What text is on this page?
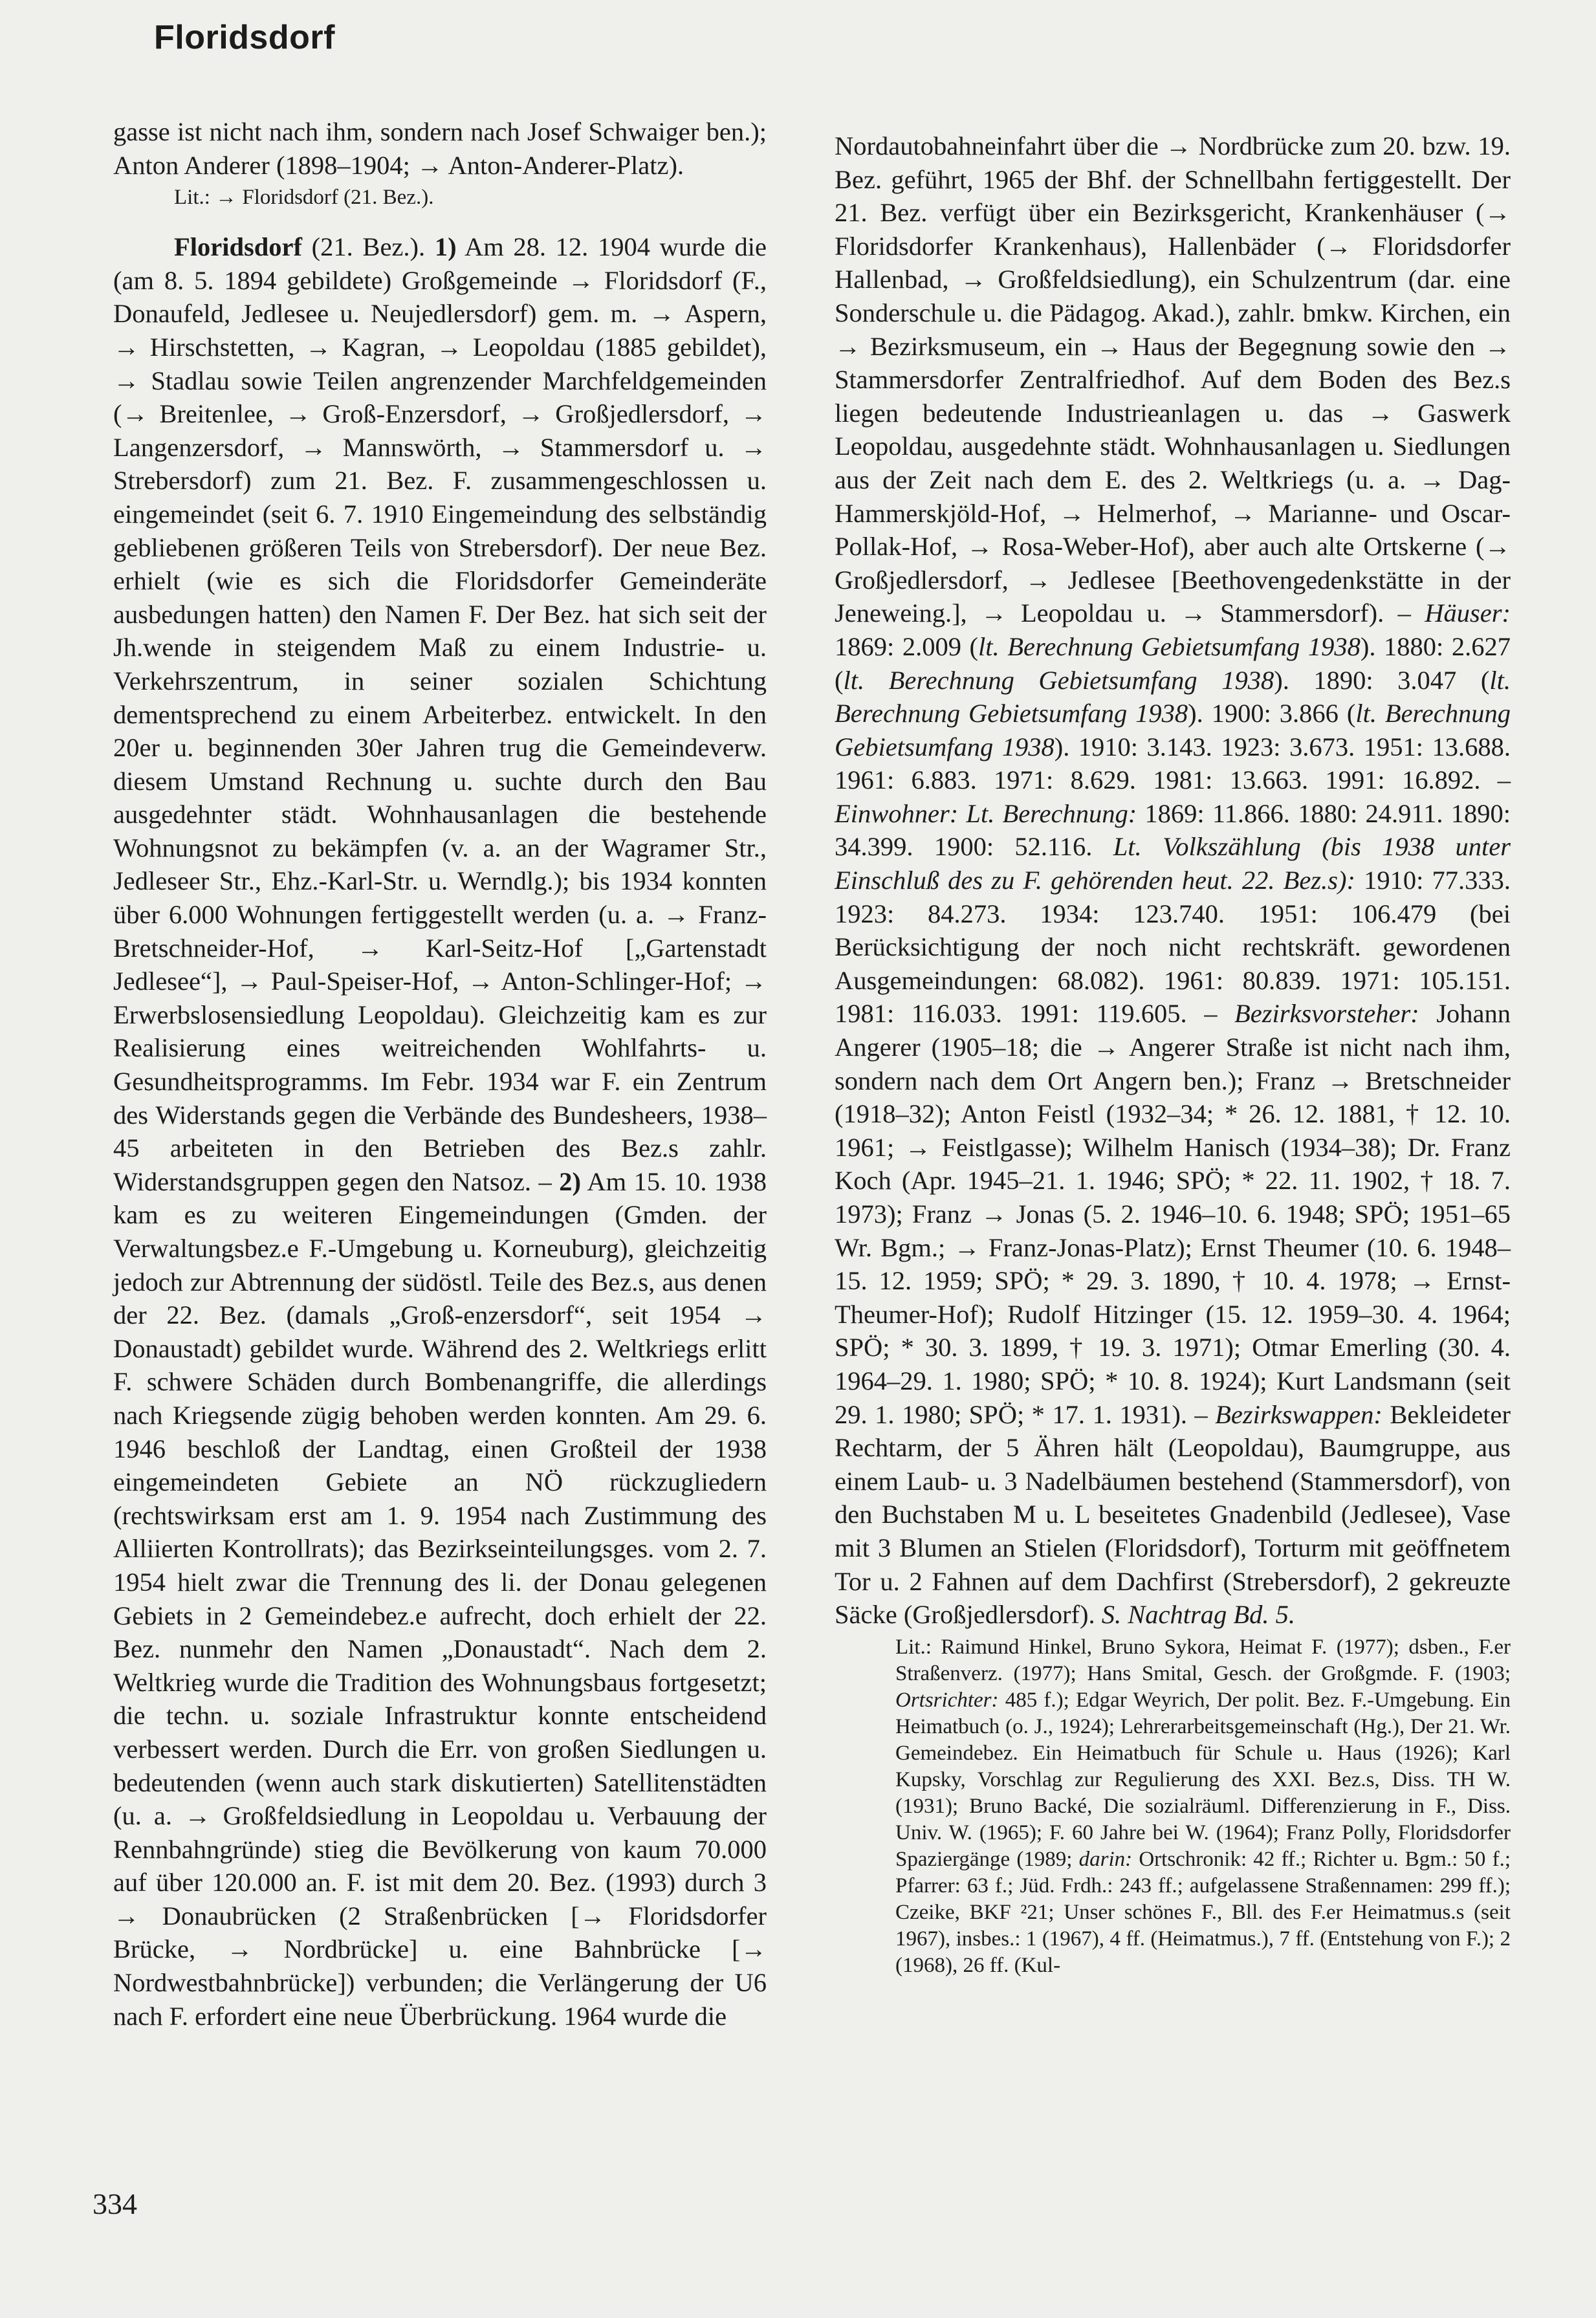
Floridsdorf

gasse ist nicht nach ihm, sondern nach Josef Schwaiger ben.); Anton Anderer (1898–1904; → Anton-Anderer-Platz).

Lit.: → Floridsdorf (21. Bez.).

Floridsdorf (21. Bez.). 1) Am 28. 12. 1904 wurde die (am 8. 5. 1894 gebildete) Großgemeinde → Floridsdorf (F., Donaufeld, Jedlesee u. Neujedlersdorf) gem. m. → Aspern, → Hirschstetten, → Kagran, → Leopoldau (1885 gebildet), → Stadlau sowie Teilen angrenzender Marchfeldgemeinden (→ Breitenlee, → Groß-Enzersdorf, → Großjedlersdorf, → Langenzersdorf, → Mannswörth, → Stammersdorf u. → Strebersdorf) zum 21. Bez. F. zusammengeschlossen u. eingemeindet (seit 6. 7. 1910 Eingemeindung des selbständig gebliebenen größeren Teils von Strebersdorf). Der neue Bez. erhielt (wie es sich die Floridsdorfer Gemeinderäte ausbedungen hatten) den Namen F. Der Bez. hat sich seit der Jh.wende in steigendem Maß zu einem Industrie- u. Verkehrszentrum, in seiner sozialen Schichtung dementsprechend zu einem Arbeiterbez. entwickelt. In den 20er u. beginnenden 30er Jahren trug die Gemeindeverw. diesem Umstand Rechnung u. suchte durch den Bau ausgedehnter städt. Wohnhausanlagen die bestehende Wohnungsnot zu bekämpfen (v. a. an der Wagramer Str., Jedleseer Str., Ehz.-Karl-Str. u. Werndlg.); bis 1934 konnten über 6.000 Wohnungen fertiggestellt werden (u. a. → Franz-Bretschneider-Hof, → Karl-Seitz-Hof [„Gartenstadt Jedlesee“], → Paul-Speiser-Hof, → Anton-Schlinger-Hof; → Erwerbslosensiedlung Leopoldau). Gleichzeitig kam es zur Realisierung eines weitreichenden Wohlfahrts- u. Gesundheitsprogramms. Im Febr. 1934 war F. ein Zentrum des Widerstands gegen die Verbände des Bundesheers, 1938–45 arbeiteten in den Betrieben des Bez.s zahlr. Widerstandsgruppen gegen den Natsoz. – 2) Am 15. 10. 1938 kam es zu weiteren Eingemeindungen (Gmden. der Verwaltungsbez.e F.-Umgebung u. Korneuburg), gleichzeitig jedoch zur Abtrennung der südöstl. Teile des Bez.s, aus denen der 22. Bez. (damals „Groß-enzersdorf“, seit 1954 → Donaustadt) gebildet wurde. Während des 2. Weltkriegs erlitt F. schwere Schäden durch Bombenangriffe, die allerdings nach Kriegsende zügig behoben werden konnten. Am 29. 6. 1946 beschloß der Landtag, einen Großteil der 1938 eingemeindeten Gebiete an NÖ rückzugliedern (rechtswirksam erst am 1. 9. 1954 nach Zustimmung des Alliierten Kontrollrats); das Bezirkseinteilungsges. vom 2. 7. 1954 hielt zwar die Trennung des li. der Donau gelegenen Gebiets in 2 Gemeindebez.e aufrecht, doch erhielt der 22. Bez. nunmehr den Namen „Donaustadt“. Nach dem 2. Weltkrieg wurde die Tradition des Wohnungsbaus fortgesetzt; die techn. u. soziale Infrastruktur konnte entscheidend verbessert werden. Durch die Err. von großen Siedlungen u. bedeutenden (wenn auch stark diskutierten) Satellitenstädten (u. a. → Großfeldsiedlung in Leopoldau u. Verbauung der Rennbahngründe) stieg die Bevölkerung von kaum 70.000 auf über 120.000 an. F. ist mit dem 20. Bez. (1993) durch 3 → Donaubrücken (2 Straßenbrücken [→ Floridsdorfer Brücke, → Nordbrücke] u. eine Bahnbrücke [→ Nordwestbahnbrücke]) verbunden; die Verlängerung der U6 nach F. erfordert eine neue Überbrückung. 1964 wurde die

Nordautobahneinfahrt über die → Nordbrücke zum 20. bzw. 19. Bez. geführt, 1965 der Bhf. der Schnellbahn fertiggestellt. Der 21. Bez. verfügt über ein Bezirksgericht, Krankenhäuser (→ Floridsdorfer Krankenhaus), Hallenbäder (→ Floridsdorfer Hallenbad, → Großfeldsiedlung), ein Schulzentrum (dar. eine Sonderschule u. die Pädagog. Akad.), zahlr. bmkw. Kirchen, ein → Bezirksmuseum, ein → Haus der Begegnung sowie den → Stammersdorfer Zentralfriedhof. Auf dem Boden des Bez.s liegen bedeutende Industrieanlagen u. das → Gaswerk Leopoldau, ausgedehnte städt. Wohnhausanlagen u. Siedlungen aus der Zeit nach dem E. des 2. Weltkriegs (u. a. → Dag-Hammerskjöld-Hof, → Helmerhof, → Marianne- und Oscar-Pollak-Hof, → Rosa-Weber-Hof), aber auch alte Ortskerne (→ Großjedlersdorf, → Jedlesee [Beethovengedenkstätte in der Jeneweing.], → Leopoldau u. → Stammersdorf). – Häuser: 1869: 2.009 (lt. Berechnung Gebietsumfang 1938). 1880: 2.627 (lt. Berechnung Gebietsumfang 1938). 1890: 3.047 (lt. Berechnung Gebietsumfang 1938). 1900: 3.866 (lt. Berechnung Gebietsumfang 1938). 1910: 3.143. 1923: 3.673. 1951: 13.688. 1961: 6.883. 1971: 8.629. 1981: 13.663. 1991: 16.892. – Einwohner: Lt. Berechnung: 1869: 11.866. 1880: 24.911. 1890: 34.399. 1900: 52.116. Lt. Volkszählung (bis 1938 unter Einschluß des zu F. gehörenden heut. 22. Bez.s): 1910: 77.333. 1923: 84.273. 1934: 123.740. 1951: 106.479 (bei Berücksichtigung der noch nicht rechtskräft. gewordenen Ausgemeindungen: 68.082). 1961: 80.839. 1971: 105.151. 1981: 116.033. 1991: 119.605. – Bezirksvorsteher: Johann Angerer (1905–18; die → Angerer Straße ist nicht nach ihm, sondern nach dem Ort Angern ben.); Franz → Bretschneider (1918–32); Anton Feistl (1932–34; * 26. 12. 1881, † 12. 10. 1961; → Feistlgasse); Wilhelm Hanisch (1934–38); Dr. Franz Koch (Apr. 1945–21. 1. 1946; SPÖ; * 22. 11. 1902, † 18. 7. 1973); Franz → Jonas (5. 2. 1946–10. 6. 1948; SPÖ; 1951–65 Wr. Bgm.; → Franz-Jonas-Platz); Ernst Theumer (10. 6. 1948–15. 12. 1959; SPÖ; * 29. 3. 1890, † 10. 4. 1978; → Ernst-Theumer-Hof); Rudolf Hitzinger (15. 12. 1959–30. 4. 1964; SPÖ; * 30. 3. 1899, † 19. 3. 1971); Otmar Emerling (30. 4. 1964–29. 1. 1980; SPÖ; * 10. 8. 1924); Kurt Landsmann (seit 29. 1. 1980; SPÖ; * 17. 1. 1931). – Bezirkswappen: Bekleideter Rechtarm, der 5 Ähren hält (Leopoldau), Baumgruppe, aus einem Laub- u. 3 Nadelbäumen bestehend (Stammersdorf), von den Buchstaben M u. L beseitetes Gnadenbild (Jedlesee), Vase mit 3 Blumen an Stielen (Floridsdorf), Torturm mit geöffnetem Tor u. 2 Fahnen auf dem Dachfirst (Strebersdorf), 2 gekreuzte Säcke (Großjedlersdorf). S. Nachtrag Bd. 5.

Lit.: Raimund Hinkel, Bruno Sykora, Heimat F. (1977); dsben., F.er Straßenverz. (1977); Hans Smital, Gesch. der Großgmde. F. (1903; Ortsrichter: 485 f.); Edgar Weyrich, Der polit. Bez. F.-Umgebung. Ein Heimatbuch (o. J., 1924); Lehrerarbeitsgemeinschaft (Hg.), Der 21. Wr. Gemeindebez. Ein Heimatbuch für Schule u. Haus (1926); Karl Kupsky, Vorschlag zur Regulierung des XXI. Bez.s, Diss. TH W. (1931); Bruno Backé, Die sozialräuml. Differenzierung in F., Diss. Univ. W. (1965); F. 60 Jahre bei W. (1964); Franz Polly, Floridsdorfer Spaziergänge (1989; darin: Ortschronik: 42 ff.; Richter u. Bgm.: 50 f.; Pfarrer: 63 f.; Jüd. Frdh.: 243 ff.; aufgelassene Straßennamen: 299 ff.); Czeike, BKF ²21; Unser schönes F., Bll. des F.er Heimatmus.s (seit 1967), insbes.: 1 (1967), 4 ff. (Heimatmus.), 7 ff. (Entstehung von F.); 2 (1968), 26 ff. (Kul-

334
